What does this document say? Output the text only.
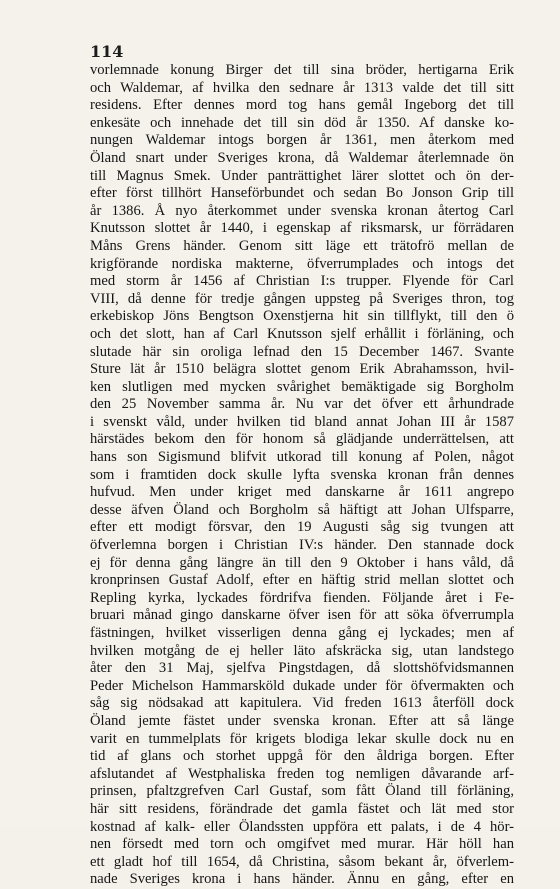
114
vorlemnade konung Birger det till sina bröder, hertigarna Erik
och Waldemar, af hvilka den sednare år 1313 valde det till sitt
residens. Efter dennes mord tog hans gemål Ingeborg det till
enkesäte och innehade det till sin död år 1350. Af danske ko-
nungen Waldemar intogs borgen år 1361, men återkom med
Öland snart under Sveriges krona, då Waldemar återlemnade ön
till Magnus Smek. Under panträttighet lärer slottet och ön der-
efter först tillhört Hanseförbundet och sedan Bo Jonson Grip till
år 1386. Å nyo återkommet under svenska kronan återtog Carl
Knutsson slottet år 1440, i egenskap af riksmarsk, ur förrädaren
Måns Grens händer. Genom sitt läge ett trätofrö mellan de
krigförande nordiska makterne, öfverrumplades och intogs det
med storm år 1456 af Christian I:s trupper. Flyende för Carl
VIII, då denne för tredje gången uppsteg på Sveriges thron, tog
erkebiskop Jöns Bengtson Oxenstjerna hit sin tillflykt, till den ö
och det slott, han af Carl Knutsson sjelf erhållit i förläning, och
slutade här sin oroliga lefnad den 15 December 1467. Svante
Sture lät år 1510 belägra slottet genom Erik Abrahamsson, hvil-
ken slutligen med mycken svårighet bemäktigade sig Borgholm
den 25 November samma år. Nu var det öfver ett århundrade
i svenskt våld, under hvilken tid bland annat Johan III år 1587
härstädes bekom den för honom så glädjande underrättelsen, att
hans son Sigismund blifvit utkorad till konung af Polen, något
som i framtiden dock skulle lyfta svenska kronan från dennes
hufvud. Men under kriget med danskarne år 1611 angrepo
desse äfven Öland och Borgholm så häftigt att Johan Ulfsparre,
efter ett modigt försvar, den 19 Augusti såg sig tvungen att
öfverlemna borgen i Christian IV:s händer. Den stannade dock
ej för denna gång längre än till den 9 Oktober i hans våld, då
kronprinsen Gustaf Adolf, efter en häftig strid mellan slottet och
Repling kyrka, lyckades fördrifva fienden. Följande året i Fe-
bruari månad gingo danskarne öfver isen för att söka öfverrumpla
fästningen, hvilket visserligen denna gång ej lyckades; men af
hvilken motgång de ej heller läto afskräcka sig, utan landstego
åter den 31 Maj, sjelfva Pingstdagen, då slottshöfvidsmannen
Peder Michelson Hammarsköld dukade under för öfvermakten och
såg sig nödsakad att kapitulera. Vid freden 1613 återföll dock
Öland jemte fästet under svenska kronan. Efter att så länge
varit en tummelplats för krigets blodiga lekar skulle dock nu en
tid af glans och storhet uppgå för den åldriga borgen. Efter
afslutandet af Westphaliska freden tog nemligen dåvarande arf-
prinsen, pfaltzgrefven Carl Gustaf, som fått Öland till förläning,
här sitt residens, förändrade det gamla fästet och lät med stor
kostnad af kalk- eller Ölandssten uppföra ett palats, i de 4 hör-
nen försedt med torn och omgifvet med murar. Här höll han
ett gladt hof till 1654, då Christina, såsom bekant år, öfverlem-
nade Sveriges krona i hans händer. Ännu en gång, efter en
